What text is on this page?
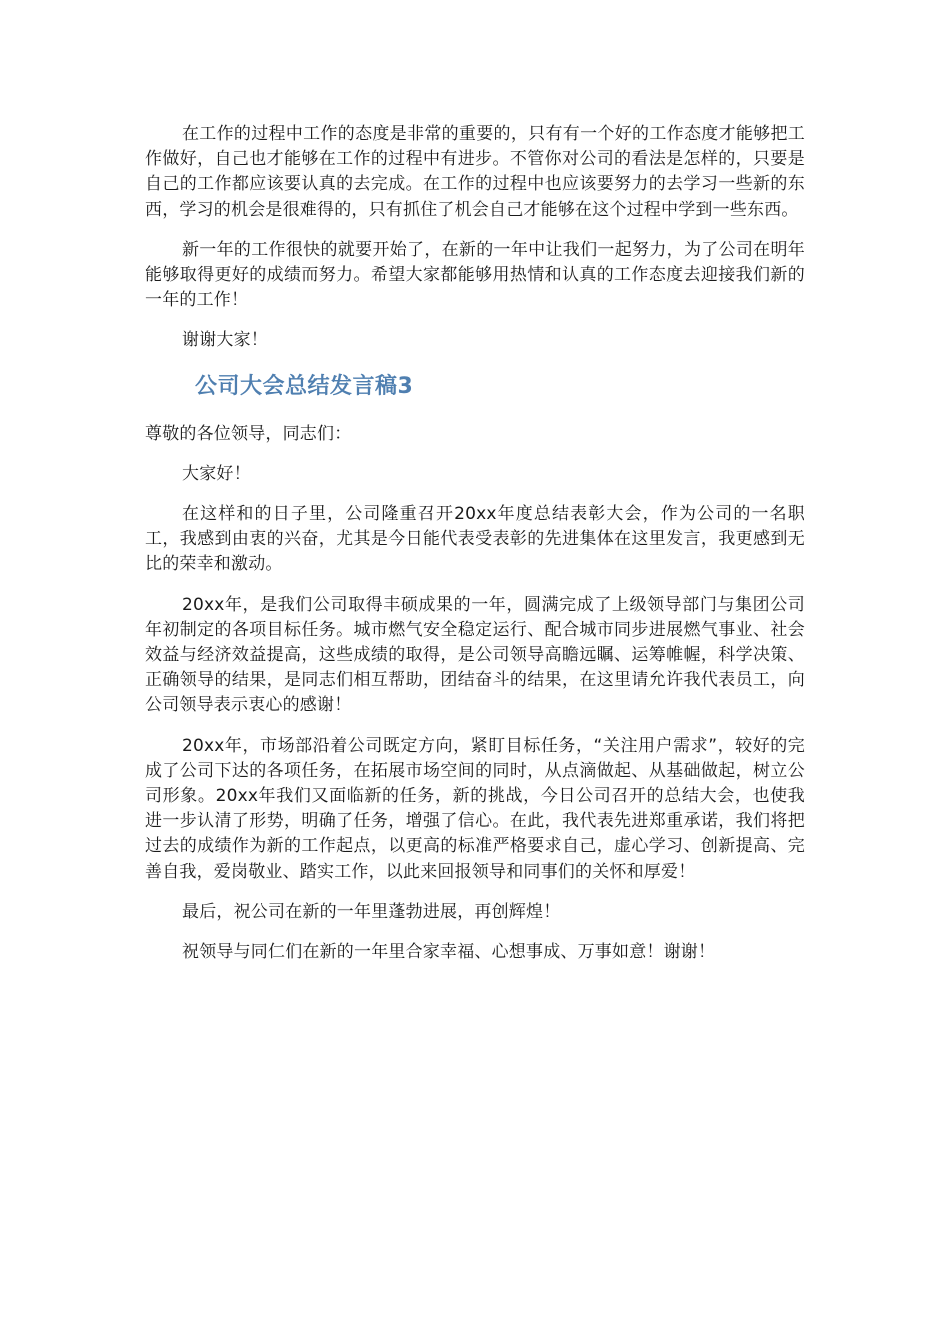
在工作的过程中工作的态度是非常的重要的，只有有一个好的工作态度才能够把工作做好，自己也才能够在工作的过程中有进步。不管你对公司的看法是怎样的，只要是自己的工作都应该要认真的去完成。在工作的过程中也应该要努力的去学习一些新的东西，学习的机会是很难得的，只有抓住了机会自己才能够在这个过程中学到一些东西。

新一年的工作很快的就要开始了，在新的一年中让我们一起努力，为了公司在明年能够取得更好的成绩而努力。希望大家都能够用热情和认真的工作态度去迎接我们新的一年的工作！

谢谢大家！

公司大会总结发言稿3

尊敬的各位领导，同志们：

大家好！

在这样和的日子里，公司隆重召开20xx年度总结表彰大会，作为公司的一名职工，我感到由衷的兴奋，尤其是今日能代表受表彰的先进集体在这里发言，我更感到无比的荣幸和激动。

20xx年，是我们公司取得丰硕成果的一年，圆满完成了上级领导部门与集团公司年初制定的各项目标任务。城市燃气安全稳定运行、配合城市同步进展燃气事业、社会效益与经济效益提高，这些成绩的取得，是公司领导高瞻远瞩、运筹帷幄，科学决策、正确领导的结果，是同志们相互帮助，团结奋斗的结果，在这里请允许我代表员工，向公司领导表示衷心的感谢！

20xx年，市场部沿着公司既定方向，紧盯目标任务，“关注用户需求”，较好的完成了公司下达的各项任务，在拓展市场空间的同时，从点滴做起、从基础做起，树立公司形象。20xx年我们又面临新的任务，新的挑战，今日公司召开的总结大会，也使我进一步认清了形势，明确了任务，增强了信心。在此，我代表先进郑重承诺，我们将把过去的成绩作为新的工作起点，以更高的标准严格要求自己，虚心学习、创新提高、完善自我，爱岗敬业、踏实工作，以此来回报领导和同事们的关怀和厚爱！

最后，祝公司在新的一年里蓬勃进展，再创辉煌！

祝领导与同仁们在新的一年里合家幸福、心想事成、万事如意！谢谢！
